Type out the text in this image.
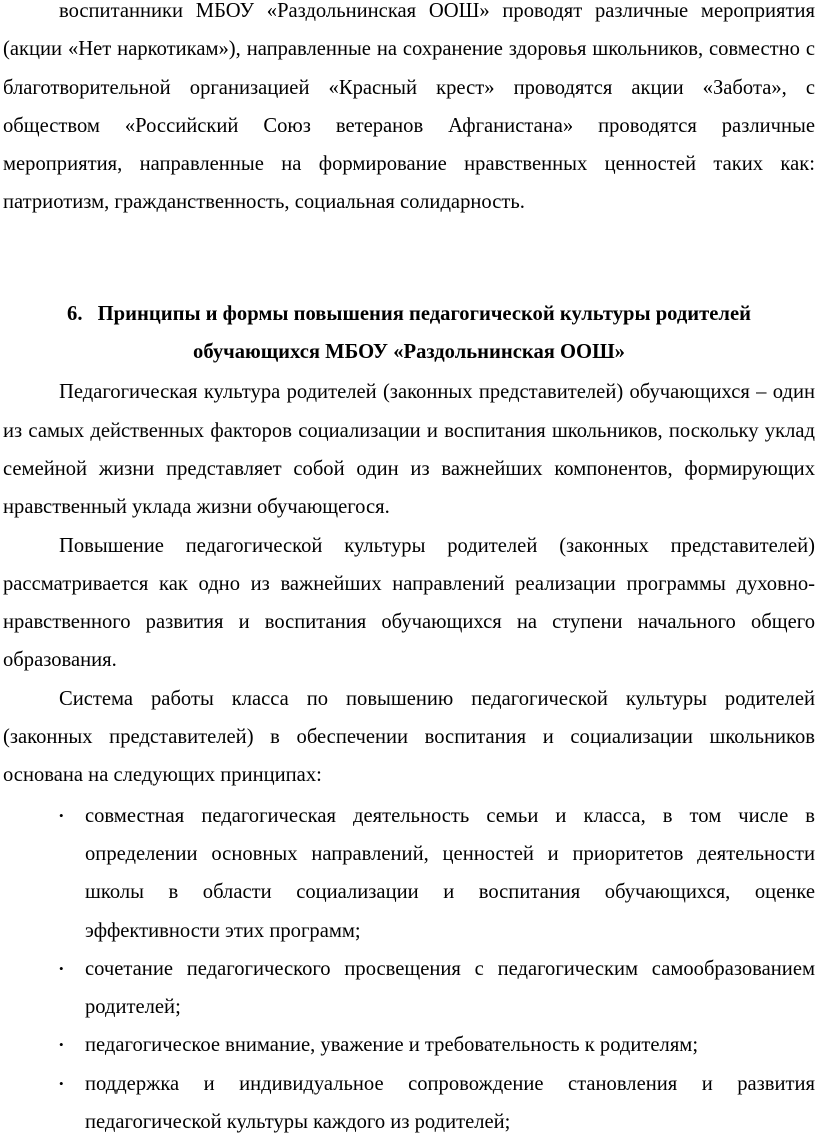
воспитанники МБОУ «Раздольнинская ООШ» проводят различные мероприятия (акции «Нет наркотикам»), направленные на сохранение здоровья школьников, совместно с благотворительной организацией «Красный крест» проводятся акции «Забота», с обществом «Российский Союз ветеранов Афганистана» проводятся различные мероприятия, направленные на формирование нравственных ценностей таких как: патриотизм, гражданственность, социальная солидарность.

6. Принципы и формы повышения педагогической культуры родителей обучающихся МБОУ «Раздольнинская ООШ»

Педагогическая культура родителей (законных представителей) обучающихся – один из самых действенных факторов социализации и воспитания школьников, поскольку уклад семейной жизни представляет собой один из важнейших компонентов, формирующих нравственный уклада жизни обучающегося.

Повышение педагогической культуры родителей (законных представителей) рассматривается как одно из важнейших направлений реализации программы духовно-нравственного развития и воспитания обучающихся на ступени начального общего образования.

Система работы класса по повышению педагогической культуры родителей (законных представителей) в обеспечении воспитания и социализации школьников основана на следующих принципах:

• совместная педагогическая деятельность семьи и класса, в том числе в определении основных направлений, ценностей и приоритетов деятельности школы в области социализации и воспитания обучающихся, оценке эффективности этих программ;
• сочетание педагогического просвещения с педагогическим самообразованием родителей;
• педагогическое внимание, уважение и требовательность к родителям;
• поддержка и индивидуальное сопровождение становления и развития педагогической культуры каждого из родителей;
